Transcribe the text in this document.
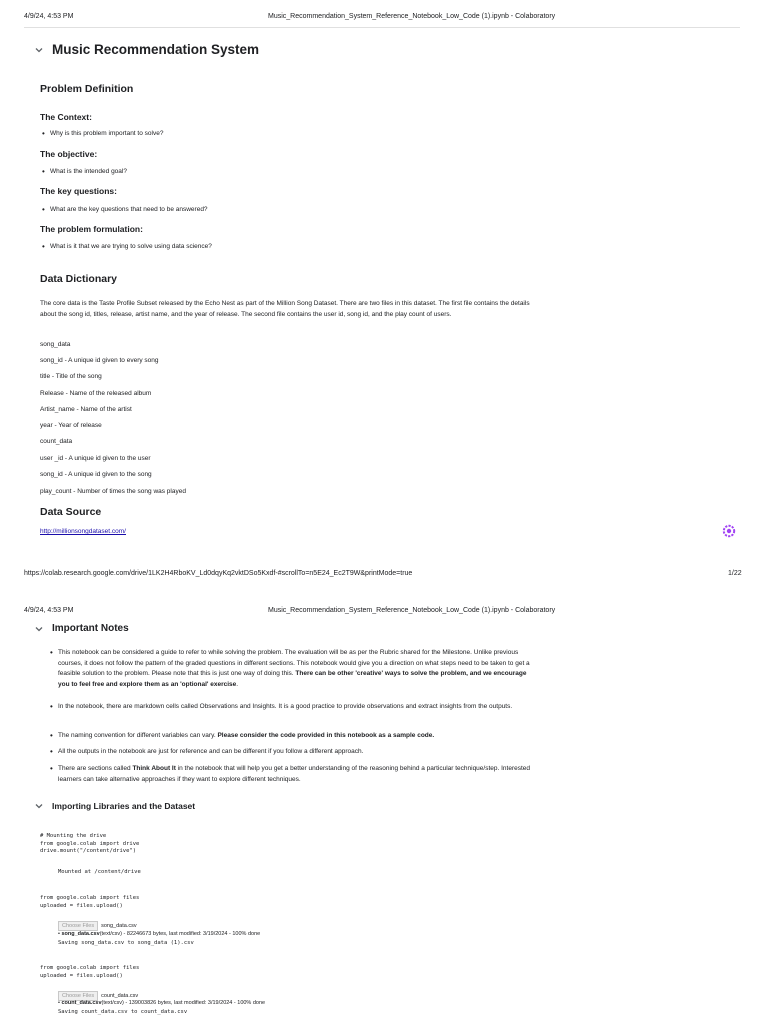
4/9/24, 4:53 PM	Music_Recommendation_System_Reference_Notebook_Low_Code (1).ipynb - Colaboratory
Music Recommendation System
Problem Definition
The Context:
• Why is this problem important to solve?
The objective:
• What is the intended goal?
The key questions:
• What are the key questions that need to be answered?
The problem formulation:
• What is it that we are trying to solve using data science?
Data Dictionary
The core data is the Taste Profile Subset released by the Echo Nest as part of the Million Song Dataset. There are two files in this dataset. The first file contains the details about the song id, titles, release, artist name, and the year of release. The second file contains the user id, song id, and the play count of users.
song_data
song_id - A unique id given to every song
title - Title of the song
Release - Name of the released album
Artist_name - Name of the artist
year - Year of release
count_data
user _id - A unique id given to the user
song_id - A unique id given to the song
play_count - Number of times the song was played
Data Source
http://millionsongdataset.com/
https://colab.research.google.com/drive/1LK2H4RboKV_Ld0dqyKq2vktDSo5Kxdf-#scrollTo=n5E24_Ec2T9W&printMode=true	1/22
4/9/24, 4:53 PM	Music_Recommendation_System_Reference_Notebook_Low_Code (1).ipynb - Colaboratory
Important Notes
• This notebook can be considered a guide to refer to while solving the problem. The evaluation will be as per the Rubric shared for the Milestone. Unlike previous courses, it does not follow the pattern of the graded questions in different sections. This notebook would give you a direction on what steps need to be taken to get a feasible solution to the problem. Please note that this is just one way of doing this. There can be other 'creative' ways to solve the problem, and we encourage you to feel free and explore them as an 'optional' exercise.
• In the notebook, there are markdown cells called Observations and Insights. It is a good practice to provide observations and extract insights from the outputs.
• The naming convention for different variables can vary. Please consider the code provided in this notebook as a sample code.
• All the outputs in the notebook are just for reference and can be different if you follow a different approach.
• There are sections called Think About It in the notebook that will help you get a better understanding of the reasoning behind a particular technique/step. Interested learners can take alternative approaches if they want to explore different techniques.
Importing Libraries and the Dataset
# Mounting the drive
from google.colab import drive
drive.mount("/content/drive")
Mounted at /content/drive
from google.colab import files
uploaded = files.upload()
Choose Files	song_data.csv
• song_data.csv(text/csv) - 82246673 bytes, last modified: 3/19/2024 - 100% done
Saving song_data.csv to song_data (1).csv
from google.colab import files
uploaded = files.upload()
Choose Files	count_data.csv
• count_data.csv(text/csv) - 139003826 bytes, last modified: 3/19/2024 - 100% done
Saving count_data.csv to count_data.csv
